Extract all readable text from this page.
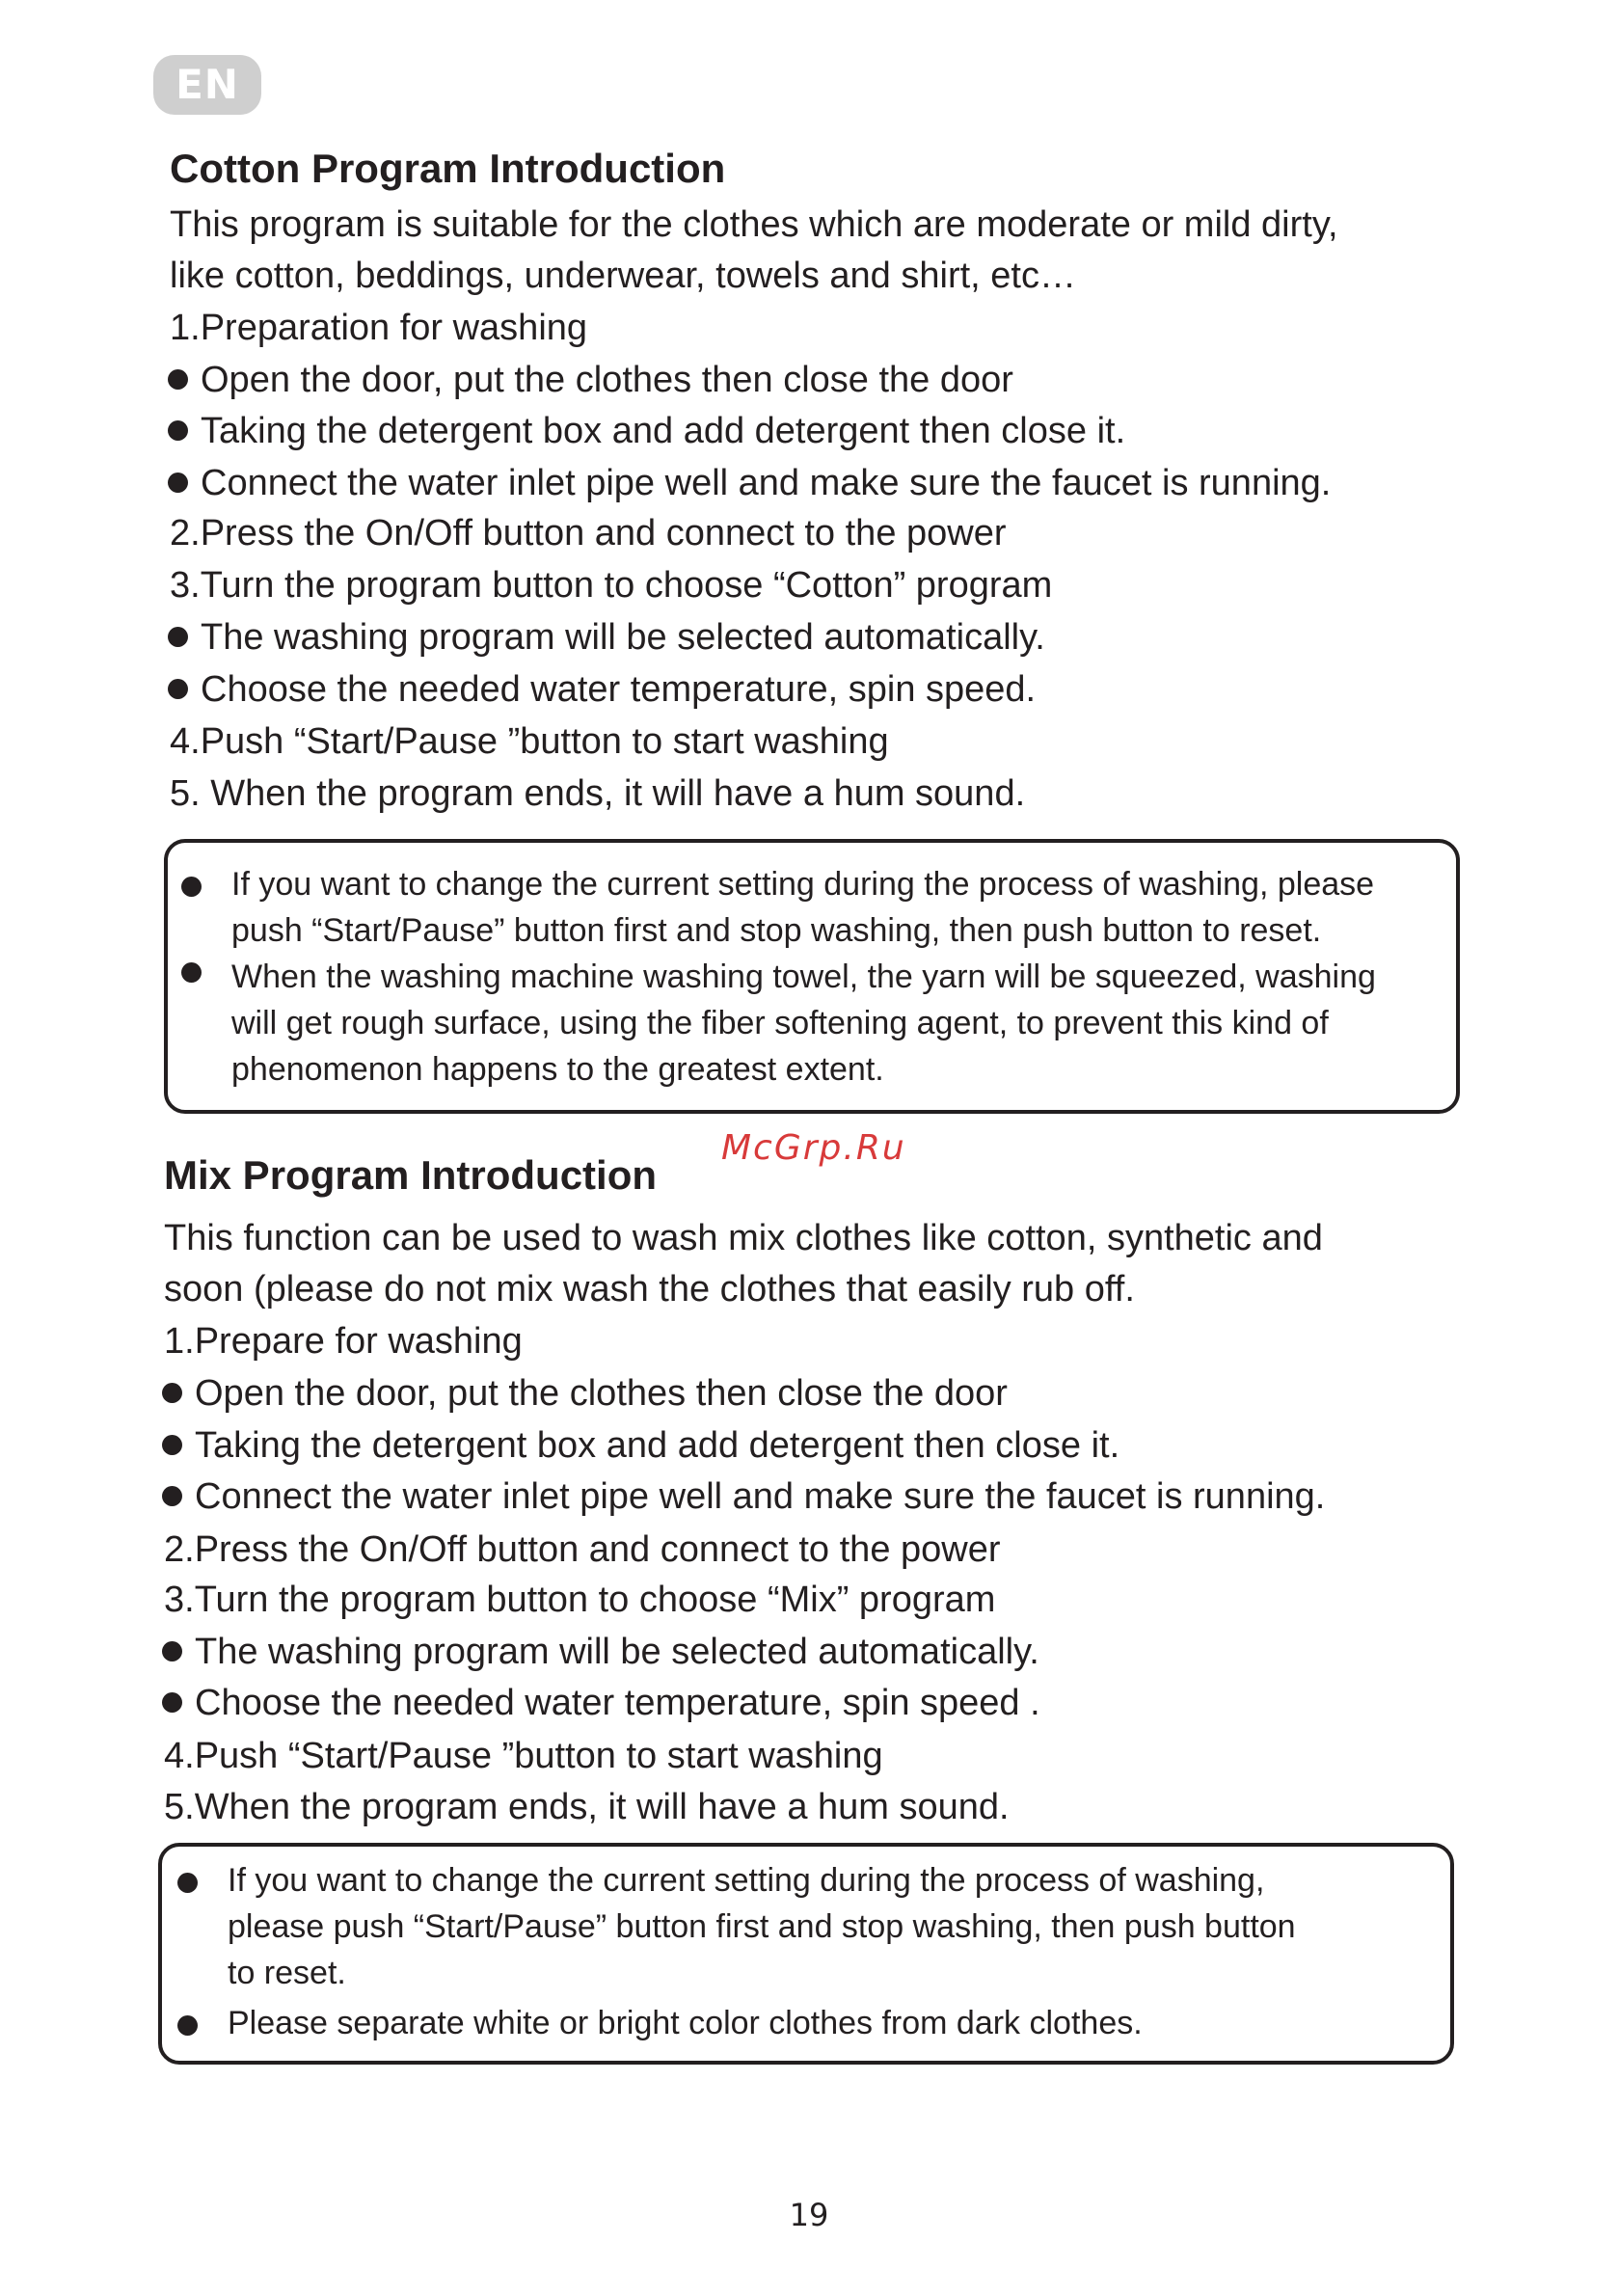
EN
Cotton Program Introduction
This program is suitable for the clothes which are moderate or mild dirty,
like cotton, beddings, underwear, towels and shirt, etc…
1.Preparation for washing
Open the door, put the clothes then close the door
Taking the detergent box and add detergent then close it.
Connect the water inlet pipe well and make sure the faucet is running.
2.Press the On/Off button and connect to the power
3.Turn the program button to choose “Cotton” program
The washing program will be selected automatically.
Choose the needed water temperature, spin speed.
4.Push “Start/Pause ”button to start washing
5. When the program ends, it will have a hum sound.
If you want to change the current setting during the process of washing, please
push “Start/Pause” button first and stop washing, then push button to reset.
When the washing machine washing towel, the yarn will be squeezed, washing
will get rough surface, using the fiber softening agent, to prevent this kind of
phenomenon happens to the greatest extent.
McGrp.Ru
Mix Program Introduction
This function can be used to wash mix clothes like cotton, synthetic and
soon (please do not mix wash the clothes that easily rub off.
1.Prepare for washing
Open the door, put the clothes then close the door
Taking the detergent box and add detergent then close it.
Connect the water inlet pipe well and make sure the faucet is running.
2.Press the On/Off button and connect to the power
3.Turn the program button to choose “Mix” program
The washing program will be selected automatically.
Choose the needed water temperature, spin speed .
4.Push “Start/Pause ”button to start washing
5.When the program ends, it will have a hum sound.
If you want to change the current setting during the process of washing,
please push “Start/Pause” button first and stop washing, then push button
to reset.
Please separate white or bright color clothes from dark clothes.
19
